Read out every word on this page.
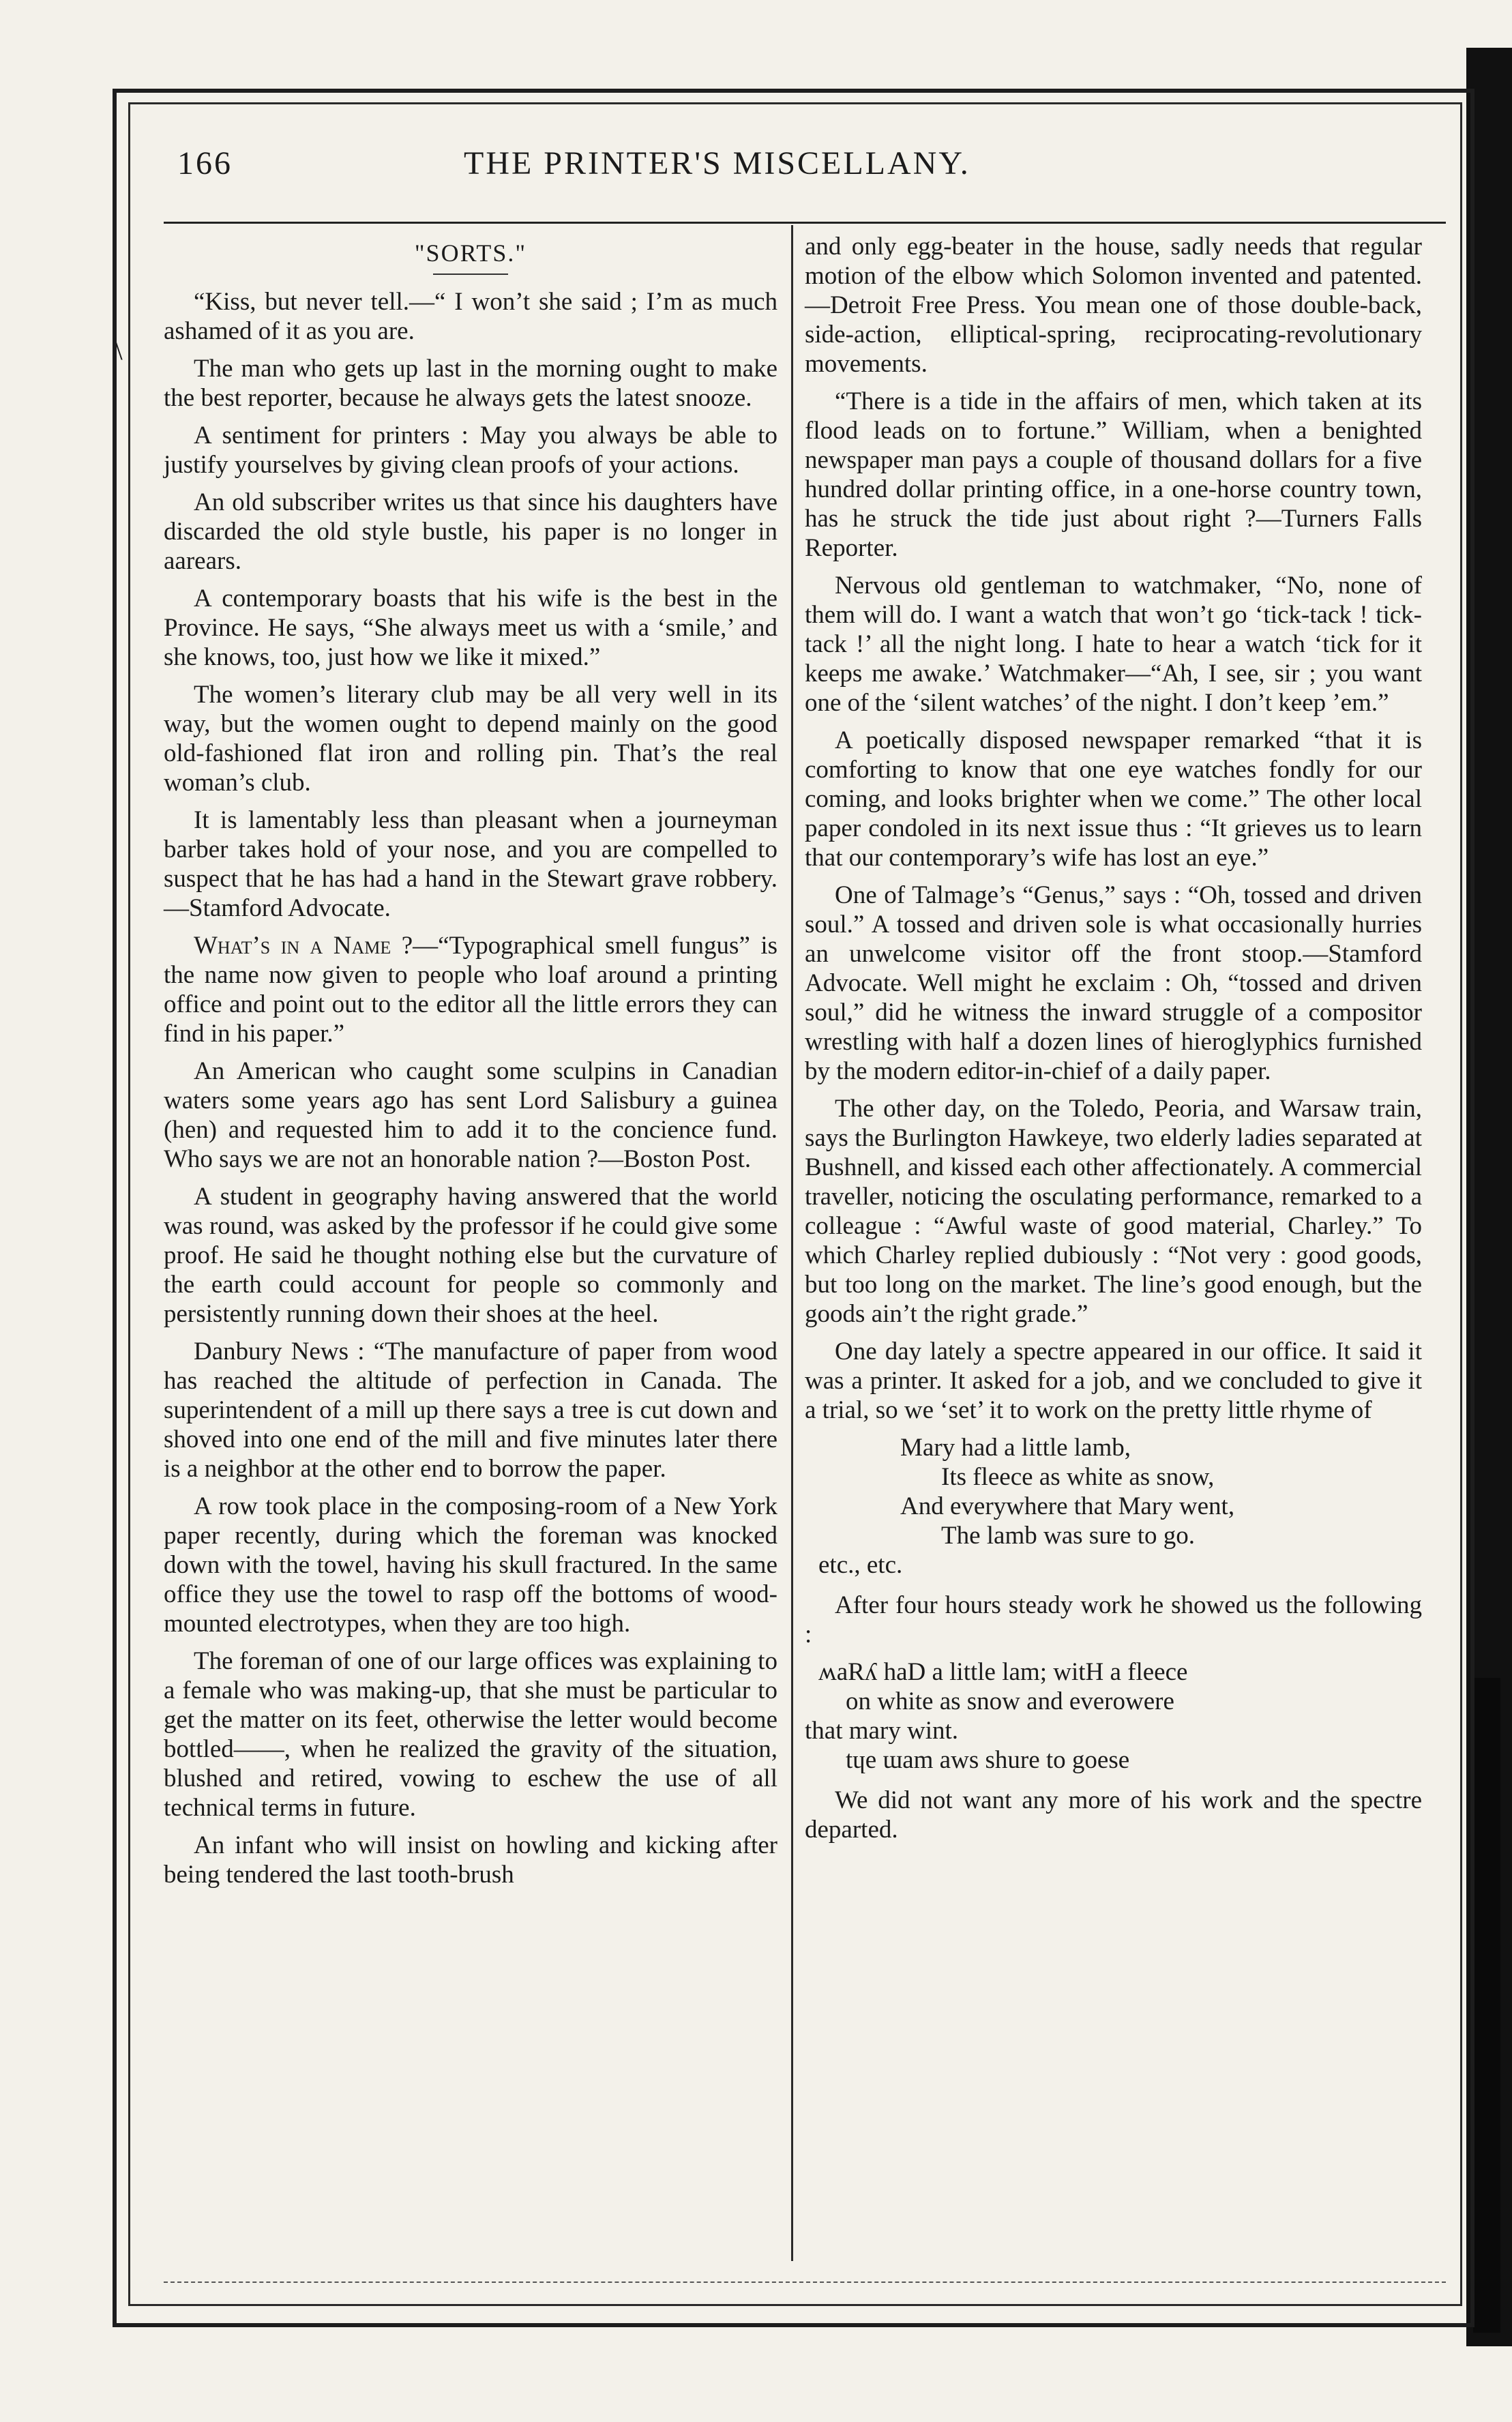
\
166	THE PRINTER'S MISCELLANY.
"SORTS."

“Kiss, but never tell.—“ I won’t she said ; I’m as much ashamed of it as you are.

The man who gets up last in the morning ought to make the best reporter, because he always gets the latest snooze.

A sentiment for printers : May you always be able to justify yourselves by giving clean proofs of your actions.

An old subscriber writes us that since his daughters have discarded the old style bustle, his paper is no longer in aarears.

A contemporary boasts that his wife is the best in the Province. He says, “She always meet us with a ‘smile,’ and she knows, too, just how we like it mixed.”

The women’s literary club may be all very well in its way, but the women ought to depend mainly on the good old-fashioned flat iron and rolling pin. That’s the real woman’s club.

It is lamentably less than pleasant when a journeyman barber takes hold of your nose, and you are compelled to suspect that he has had a hand in the Stewart grave robbery.—Stamford Advocate.

What’s in a Name ?—“Typographical smell fungus” is the name now given to people who loaf around a printing office and point out to the editor all the little errors they can find in his paper.”

An American who caught some sculpins in Canadian waters some years ago has sent Lord Salisbury a guinea (hen) and requested him to add it to the concience fund. Who says we are not an honorable nation ?—Boston Post.

A student in geography having answered that the world was round, was asked by the professor if he could give some proof. He said he thought nothing else but the curvature of the earth could account for people so commonly and persistently running down their shoes at the heel.

Danbury News : “The manufacture of paper from wood has reached the altitude of perfection in Canada. The superintendent of a mill up there says a tree is cut down and shoved into one end of the mill and five minutes later there is a neighbor at the other end to borrow the paper.

A row took place in the composing-room of a New York paper recently, during which the foreman was knocked down with the towel, having his skull fractured. In the same office they use the towel to rasp off the bottoms of wood-mounted electrotypes, when they are too high.

The foreman of one of our large offices was explaining to a female who was making-up, that she must be particular to get the matter on its feet, otherwise the letter would become bottled——, when he realized the gravity of the situation, blushed and retired, vowing to eschew the use of all technical terms in future.

An infant who will insist on howling and kicking after being tendered the last tooth-brush

and only egg-beater in the house, sadly needs that regular motion of the elbow which Solomon invented and patented.—Detroit Free Press. You mean one of those double-back, side-action, elliptical-spring, reciprocating-revolutionary movements.

“There is a tide in the affairs of men, which taken at its flood leads on to fortune.” William, when a benighted newspaper man pays a couple of thousand dollars for a five hundred dollar printing office, in a one-horse country town, has he struck the tide just about right ?—Turners Falls Reporter.

Nervous old gentleman to watchmaker, “No, none of them will do. I want a watch that won’t go ‘tick-tack ! tick-tack !’ all the night long. I hate to hear a watch ‘tick for it keeps me awake.’ Watchmaker—“Ah, I see, sir ; you want one of the ‘silent watches’ of the night. I don’t keep ’em.”

A poetically disposed newspaper remarked “that it is comforting to know that one eye watches fondly for our coming, and looks brighter when we come.” The other local paper condoled in its next issue thus : “It grieves us to learn that our contemporary’s wife has lost an eye.”

One of Talmage’s “Genus,” says : “Oh, tossed and driven soul.” A tossed and driven sole is what occasionally hurries an unwelcome visitor off the front stoop.—Stamford Advocate. Well might he exclaim : Oh, “tossed and driven soul,” did he witness the inward struggle of a compositor wrestling with half a dozen lines of hieroglyphics furnished by the modern editor-in-chief of a daily paper.

The other day, on the Toledo, Peoria, and Warsaw train, says the Burlington Hawkeye, two elderly ladies separated at Bushnell, and kissed each other affectionately. A commercial traveller, noticing the osculating performance, remarked to a colleague : “Awful waste of good material, Charley.” To which Charley replied dubiously : “Not very : good goods, but too long on the market. The line’s good enough, but the goods ain’t the right grade.”

One day lately a spectre appeared in our office. It said it was a printer. It asked for a job, and we concluded to give it a trial, so we ‘set’ it to work on the pretty little rhyme of

Mary had a little lamb,
Its fleece as white as snow,
And everywhere that Mary went,
The lamb was sure to go.
etc., etc.

After four hours steady work he showed us the following :

ʍаRʎ haD a little lam; witH a fleece
on white as snow and everowere
that mary wint.
tɥe ɯam aws shure to goese

We did not want any more of his work and the spectre departed.
